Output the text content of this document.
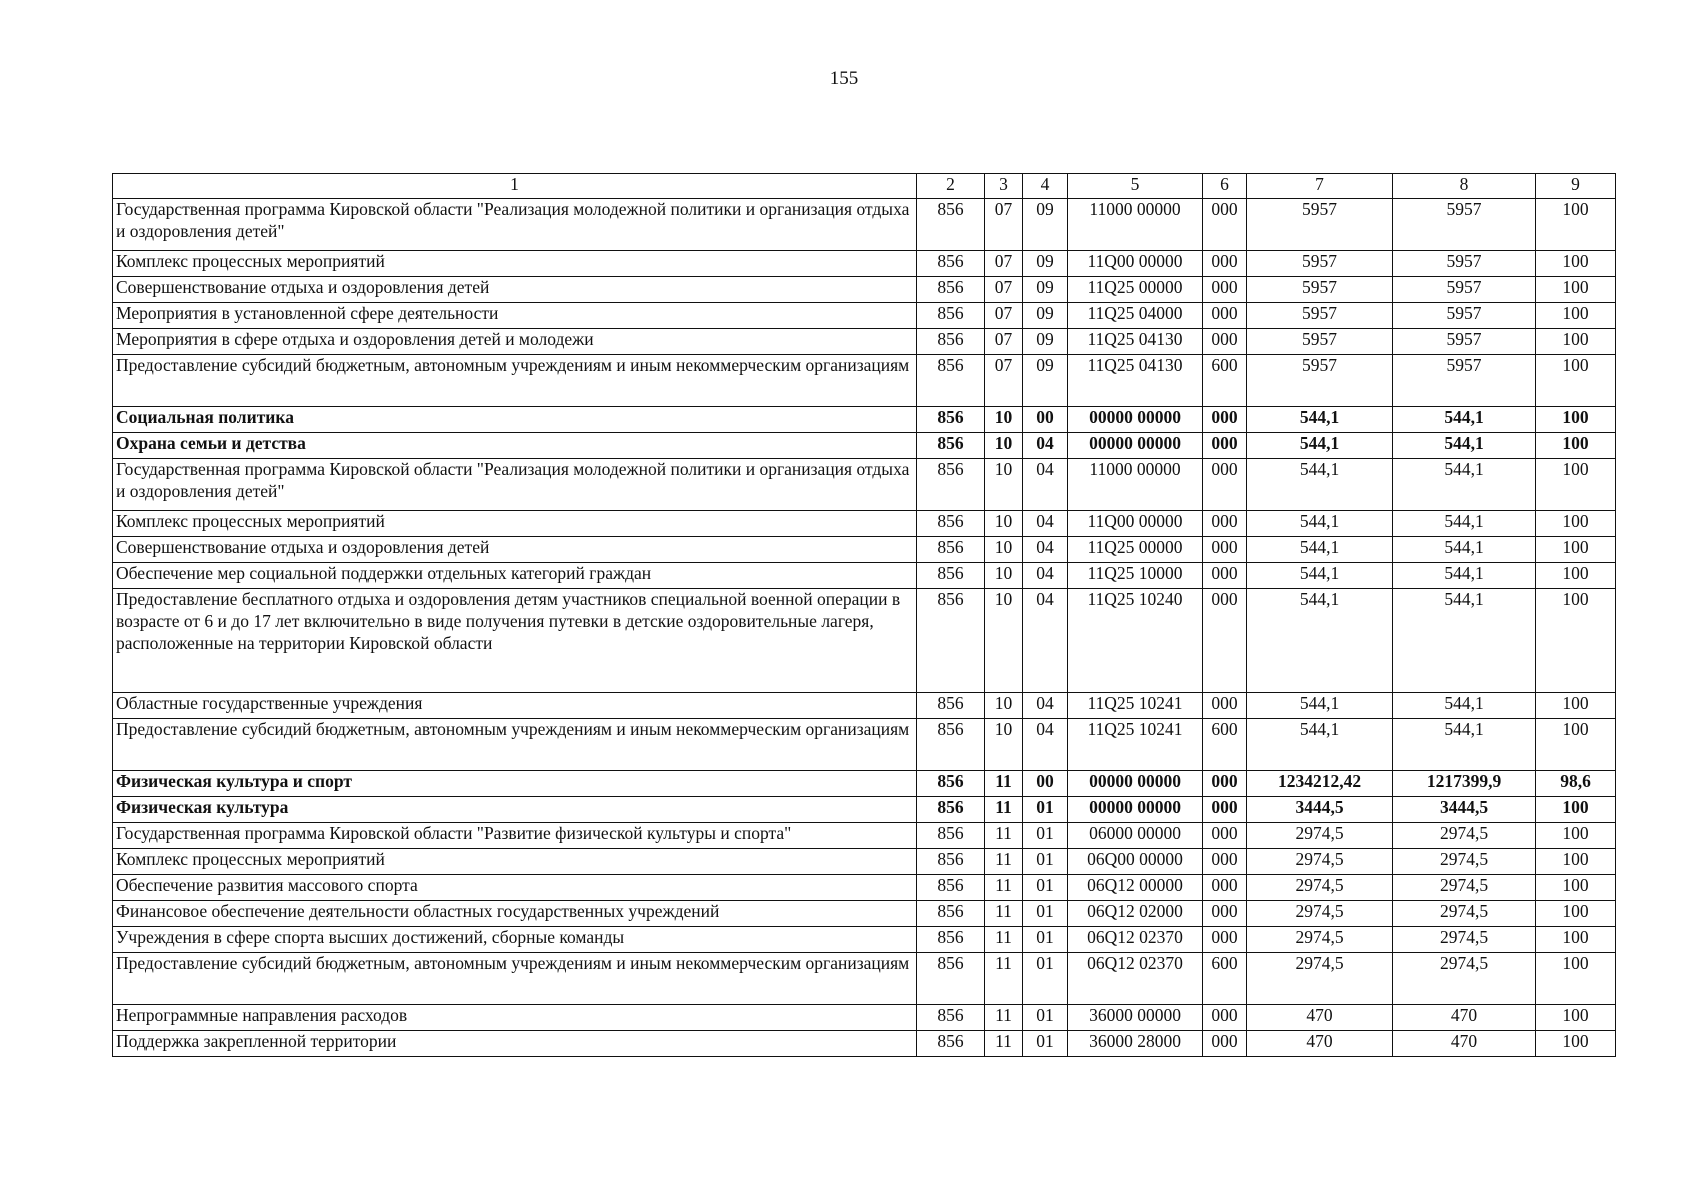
155
1	2	3	4	5	6	7	8	9
Государственная программа Кировской области "Реализация молодежной политики и организация отдыха и оздоровления детей"	856	07	09	11000 00000	000	5957	5957	100
Комплекс процессных мероприятий	856	07	09	11Q00 00000	000	5957	5957	100
Совершенствование отдыха и оздоровления детей	856	07	09	11Q25 00000	000	5957	5957	100
Мероприятия в установленной сфере деятельности	856	07	09	11Q25 04000	000	5957	5957	100
Мероприятия в сфере отдыха и оздоровления детей и молодежи	856	07	09	11Q25 04130	000	5957	5957	100
Предоставление субсидий бюджетным, автономным учреждениям и иным некоммерческим организациям	856	07	09	11Q25 04130	600	5957	5957	100
Социальная политика	856	10	00	00000 00000	000	544,1	544,1	100
Охрана семьи и детства	856	10	04	00000 00000	000	544,1	544,1	100
Государственная программа Кировской области "Реализация молодежной политики и организация отдыха и оздоровления детей"	856	10	04	11000 00000	000	544,1	544,1	100
Комплекс процессных мероприятий	856	10	04	11Q00 00000	000	544,1	544,1	100
Совершенствование отдыха и оздоровления детей	856	10	04	11Q25 00000	000	544,1	544,1	100
Обеспечение мер социальной поддержки отдельных категорий граждан	856	10	04	11Q25 10000	000	544,1	544,1	100
Предоставление бесплатного отдыха и оздоровления детям участников специальной военной операции в возрасте от 6 и до 17 лет включительно в виде получения путевки в детские оздоровительные лагеря, расположенные на территории Кировской области	856	10	04	11Q25 10240	000	544,1	544,1	100
Областные государственные учреждения	856	10	04	11Q25 10241	000	544,1	544,1	100
Предоставление субсидий бюджетным, автономным учреждениям и иным некоммерческим организациям	856	10	04	11Q25 10241	600	544,1	544,1	100
Физическая культура и спорт	856	11	00	00000 00000	000	1234212,42	1217399,9	98,6
Физическая культура	856	11	01	00000 00000	000	3444,5	3444,5	100
Государственная программа Кировской области "Развитие физической культуры и спорта"	856	11	01	06000 00000	000	2974,5	2974,5	100
Комплекс процессных мероприятий	856	11	01	06Q00 00000	000	2974,5	2974,5	100
Обеспечение развития массового спорта	856	11	01	06Q12 00000	000	2974,5	2974,5	100
Финансовое обеспечение деятельности областных государственных учреждений	856	11	01	06Q12 02000	000	2974,5	2974,5	100
Учреждения в сфере спорта высших достижений, сборные команды	856	11	01	06Q12 02370	000	2974,5	2974,5	100
Предоставление субсидий бюджетным, автономным учреждениям и иным некоммерческим организациям	856	11	01	06Q12 02370	600	2974,5	2974,5	100
Непрограммные направления расходов	856	11	01	36000 00000	000	470	470	100
Поддержка закрепленной территории	856	11	01	36000 28000	000	470	470	100
